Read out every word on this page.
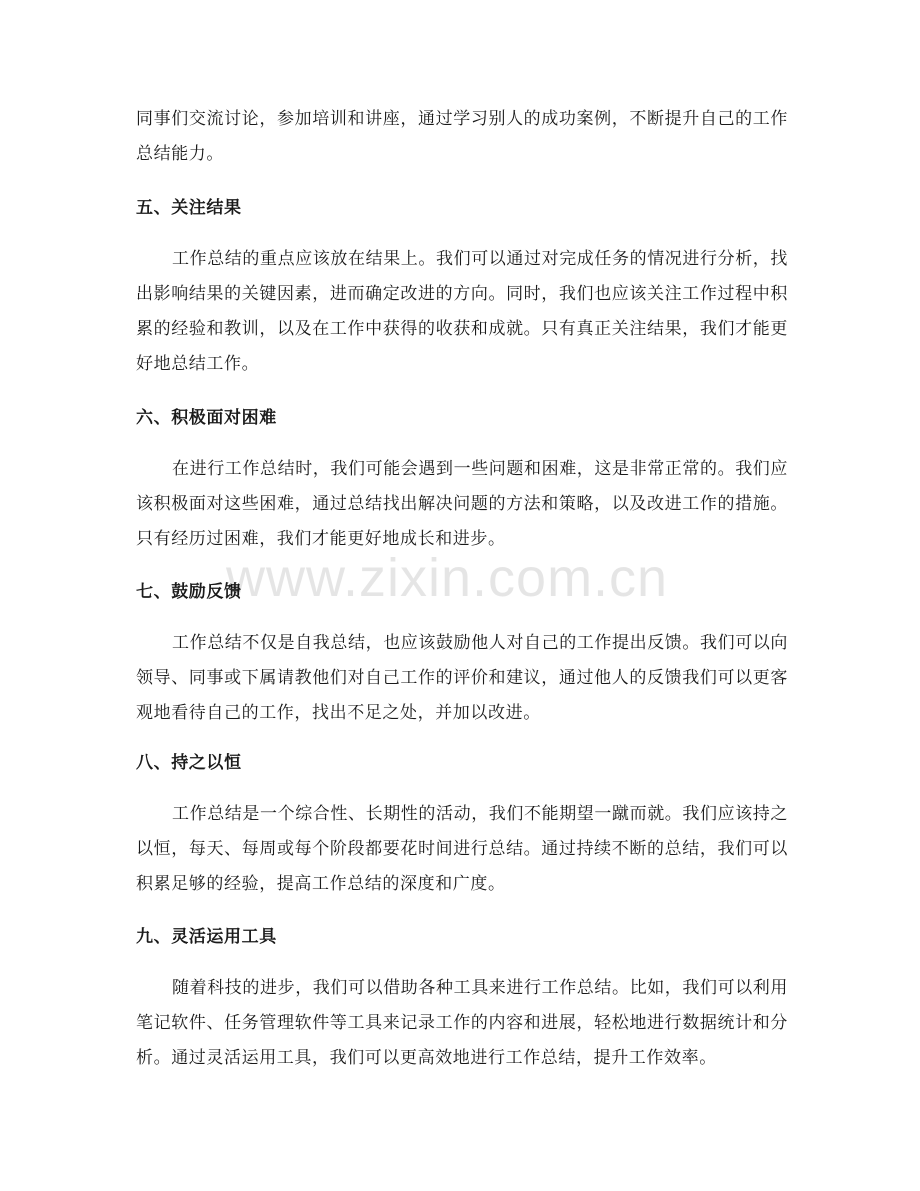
同事们交流讨论，参加培训和讲座，通过学习别人的成功案例，不断提升自己的工作总结能力。

五、关注结果

工作总结的重点应该放在结果上。我们可以通过对完成任务的情况进行分析，找出影响结果的关键因素，进而确定改进的方向。同时，我们也应该关注工作过程中积累的经验和教训，以及在工作中获得的收获和成就。只有真正关注结果，我们才能更好地总结工作。

六、积极面对困难

在进行工作总结时，我们可能会遇到一些问题和困难，这是非常正常的。我们应该积极面对这些困难，通过总结找出解决问题的方法和策略，以及改进工作的措施。只有经历过困难，我们才能更好地成长和进步。

七、鼓励反馈

工作总结不仅是自我总结，也应该鼓励他人对自己的工作提出反馈。我们可以向领导、同事或下属请教他们对自己工作的评价和建议，通过他人的反馈我们可以更客观地看待自己的工作，找出不足之处，并加以改进。

八、持之以恒

工作总结是一个综合性、长期性的活动，我们不能期望一蹴而就。我们应该持之以恒，每天、每周或每个阶段都要花时间进行总结。通过持续不断的总结，我们可以积累足够的经验，提高工作总结的深度和广度。

九、灵活运用工具

随着科技的进步，我们可以借助各种工具来进行工作总结。比如，我们可以利用笔记软件、任务管理软件等工具来记录工作的内容和进展，轻松地进行数据统计和分析。通过灵活运用工具，我们可以更高效地进行工作总结，提升工作效率。

www.zixin.com.cn
